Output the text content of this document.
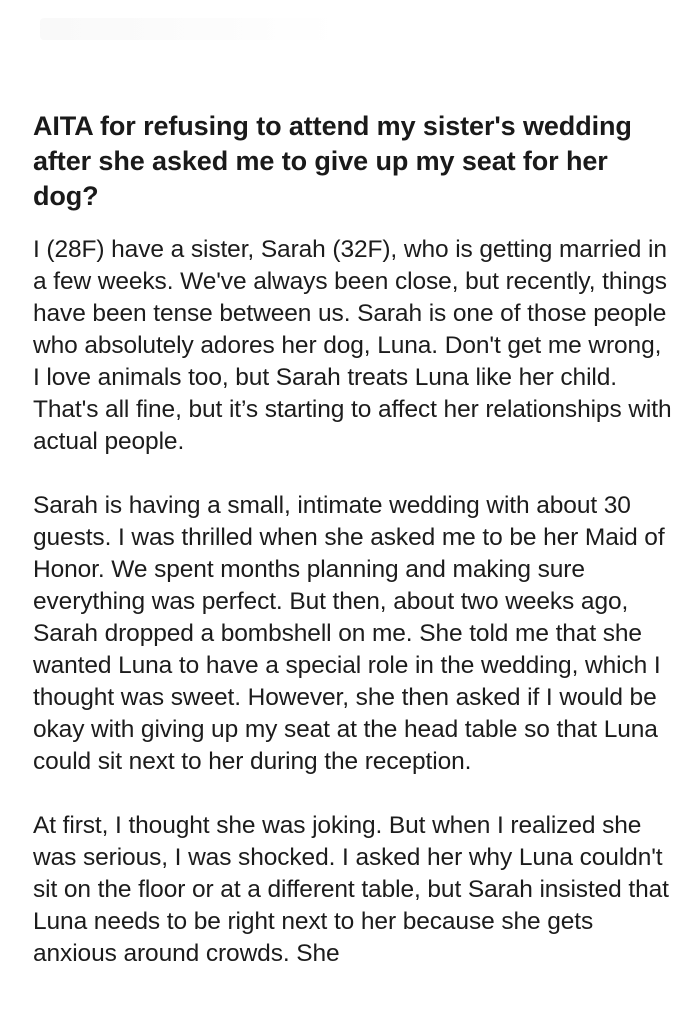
AITA for refusing to attend my sister's wedding after she asked me to give up my seat for her dog?

I (28F) have a sister, Sarah (32F), who is getting married in a few weeks. We've always been close, but recently, things have been tense between us. Sarah is one of those people who absolutely adores her dog, Luna. Don't get me wrong, I love animals too, but Sarah treats Luna like her child. That's all fine, but it’s starting to affect her relationships with actual people.

Sarah is having a small, intimate wedding with about 30 guests. I was thrilled when she asked me to be her Maid of Honor. We spent months planning and making sure everything was perfect. But then, about two weeks ago, Sarah dropped a bombshell on me. She told me that she wanted Luna to have a special role in the wedding, which I thought was sweet. However, she then asked if I would be okay with giving up my seat at the head table so that Luna could sit next to her during the reception.

At first, I thought she was joking. But when I realized she was serious, I was shocked. I asked her why Luna couldn't sit on the floor or at a different table, but Sarah insisted that Luna needs to be right next to her because she gets anxious around crowds. She
